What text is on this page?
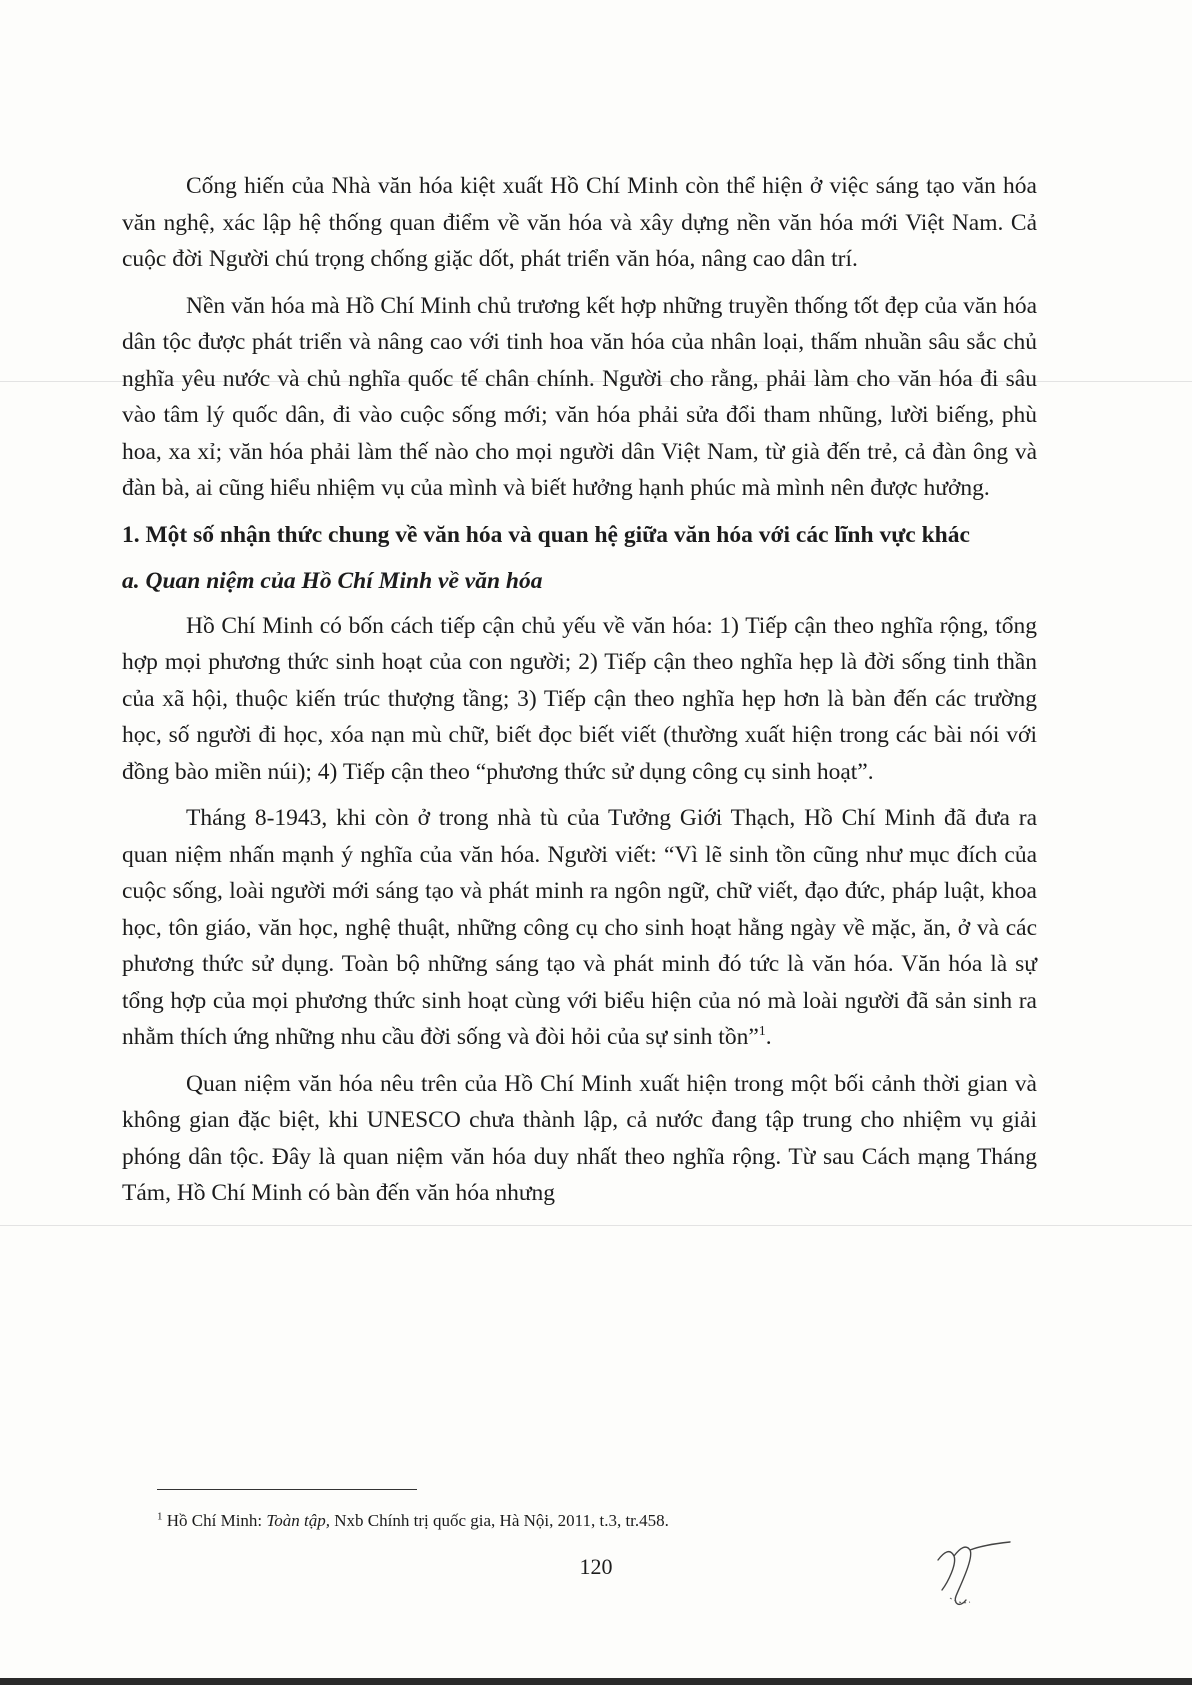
Cống hiến của Nhà văn hóa kiệt xuất Hồ Chí Minh còn thể hiện ở việc sáng tạo văn hóa văn nghệ, xác lập hệ thống quan điểm về văn hóa và xây dựng nền văn hóa mới Việt Nam. Cả cuộc đời Người chú trọng chống giặc dốt, phát triển văn hóa, nâng cao dân trí.

Nền văn hóa mà Hồ Chí Minh chủ trương kết hợp những truyền thống tốt đẹp của văn hóa dân tộc được phát triển và nâng cao với tinh hoa văn hóa của nhân loại, thấm nhuần sâu sắc chủ nghĩa yêu nước và chủ nghĩa quốc tế chân chính. Người cho rằng, phải làm cho văn hóa đi sâu vào tâm lý quốc dân, đi vào cuộc sống mới; văn hóa phải sửa đổi tham nhũng, lười biếng, phù hoa, xa xỉ; văn hóa phải làm thế nào cho mọi người dân Việt Nam, từ già đến trẻ, cả đàn ông và đàn bà, ai cũng hiểu nhiệm vụ của mình và biết hưởng hạnh phúc mà mình nên được hưởng.

1. Một số nhận thức chung về văn hóa và quan hệ giữa văn hóa với các lĩnh vực khác
a. Quan niệm của Hồ Chí Minh về văn hóa

Hồ Chí Minh có bốn cách tiếp cận chủ yếu về văn hóa: 1) Tiếp cận theo nghĩa rộng, tổng hợp mọi phương thức sinh hoạt của con người; 2) Tiếp cận theo nghĩa hẹp là đời sống tinh thần của xã hội, thuộc kiến trúc thượng tầng; 3) Tiếp cận theo nghĩa hẹp hơn là bàn đến các trường học, số người đi học, xóa nạn mù chữ, biết đọc biết viết (thường xuất hiện trong các bài nói với đồng bào miền núi); 4) Tiếp cận theo “phương thức sử dụng công cụ sinh hoạt”.

Tháng 8-1943, khi còn ở trong nhà tù của Tưởng Giới Thạch, Hồ Chí Minh đã đưa ra quan niệm nhấn mạnh ý nghĩa của văn hóa. Người viết: “Vì lẽ sinh tồn cũng như mục đích của cuộc sống, loài người mới sáng tạo và phát minh ra ngôn ngữ, chữ viết, đạo đức, pháp luật, khoa học, tôn giáo, văn học, nghệ thuật, những công cụ cho sinh hoạt hằng ngày về mặc, ăn, ở và các phương thức sử dụng. Toàn bộ những sáng tạo và phát minh đó tức là văn hóa. Văn hóa là sự tổng hợp của mọi phương thức sinh hoạt cùng với biểu hiện của nó mà loài người đã sản sinh ra nhằm thích ứng những nhu cầu đời sống và đòi hỏi của sự sinh tồn”$^1$.

Quan niệm văn hóa nêu trên của Hồ Chí Minh xuất hiện trong một bối cảnh thời gian và không gian đặc biệt, khi UNESCO chưa thành lập, cả nước đang tập trung cho nhiệm vụ giải phóng dân tộc. Đây là quan niệm văn hóa duy nhất theo nghĩa rộng. Từ sau Cách mạng Tháng Tám, Hồ Chí Minh có bàn đến văn hóa nhưng

$^1$ Hồ Chí Minh: Toàn tập, Nxb Chính trị quốc gia, Hà Nội, 2011, t.3, tr.458.
120
